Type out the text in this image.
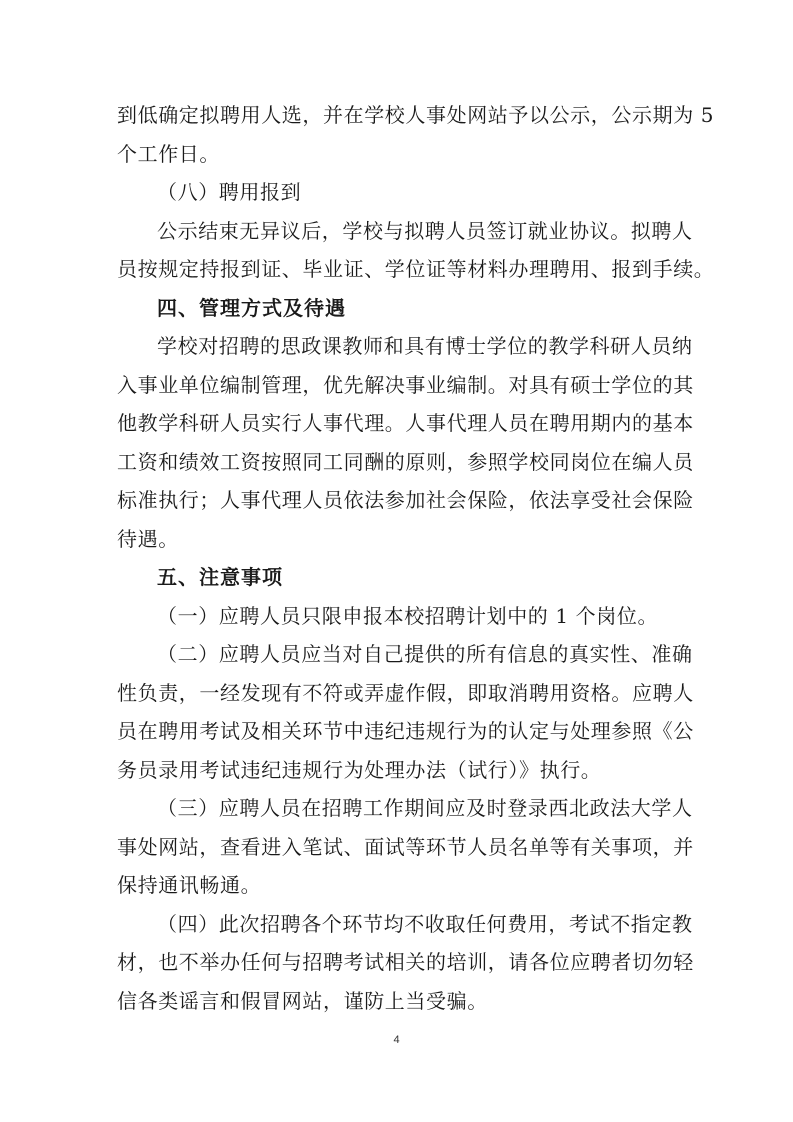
到低确定拟聘用人选，并在学校人事处网站予以公示，公示期为 5
个工作日。
（八）聘用报到
公示结束无异议后，学校与拟聘人员签订就业协议。拟聘人
员按规定持报到证、毕业证、学位证等材料办理聘用、报到手续。
四、管理方式及待遇
学校对招聘的思政课教师和具有博士学位的教学科研人员纳
入事业单位编制管理，优先解决事业编制。对具有硕士学位的其
他教学科研人员实行人事代理。人事代理人员在聘用期内的基本
工资和绩效工资按照同工同酬的原则，参照学校同岗位在编人员
标准执行；人事代理人员依法参加社会保险，依法享受社会保险
待遇。
五、注意事项
（一）应聘人员只限申报本校招聘计划中的 1 个岗位。
（二）应聘人员应当对自己提供的所有信息的真实性、准确
性负责，一经发现有不符或弄虚作假，即取消聘用资格。应聘人
员在聘用考试及相关环节中违纪违规行为的认定与处理参照《公
务员录用考试违纪违规行为处理办法（试行）》执行。
（三）应聘人员在招聘工作期间应及时登录西北政法大学人
事处网站，查看进入笔试、面试等环节人员名单等有关事项，并
保持通讯畅通。
（四）此次招聘各个环节均不收取任何费用，考试不指定教
材，也不举办任何与招聘考试相关的培训，请各位应聘者切勿轻
信各类谣言和假冒网站，谨防上当受骗。
4
